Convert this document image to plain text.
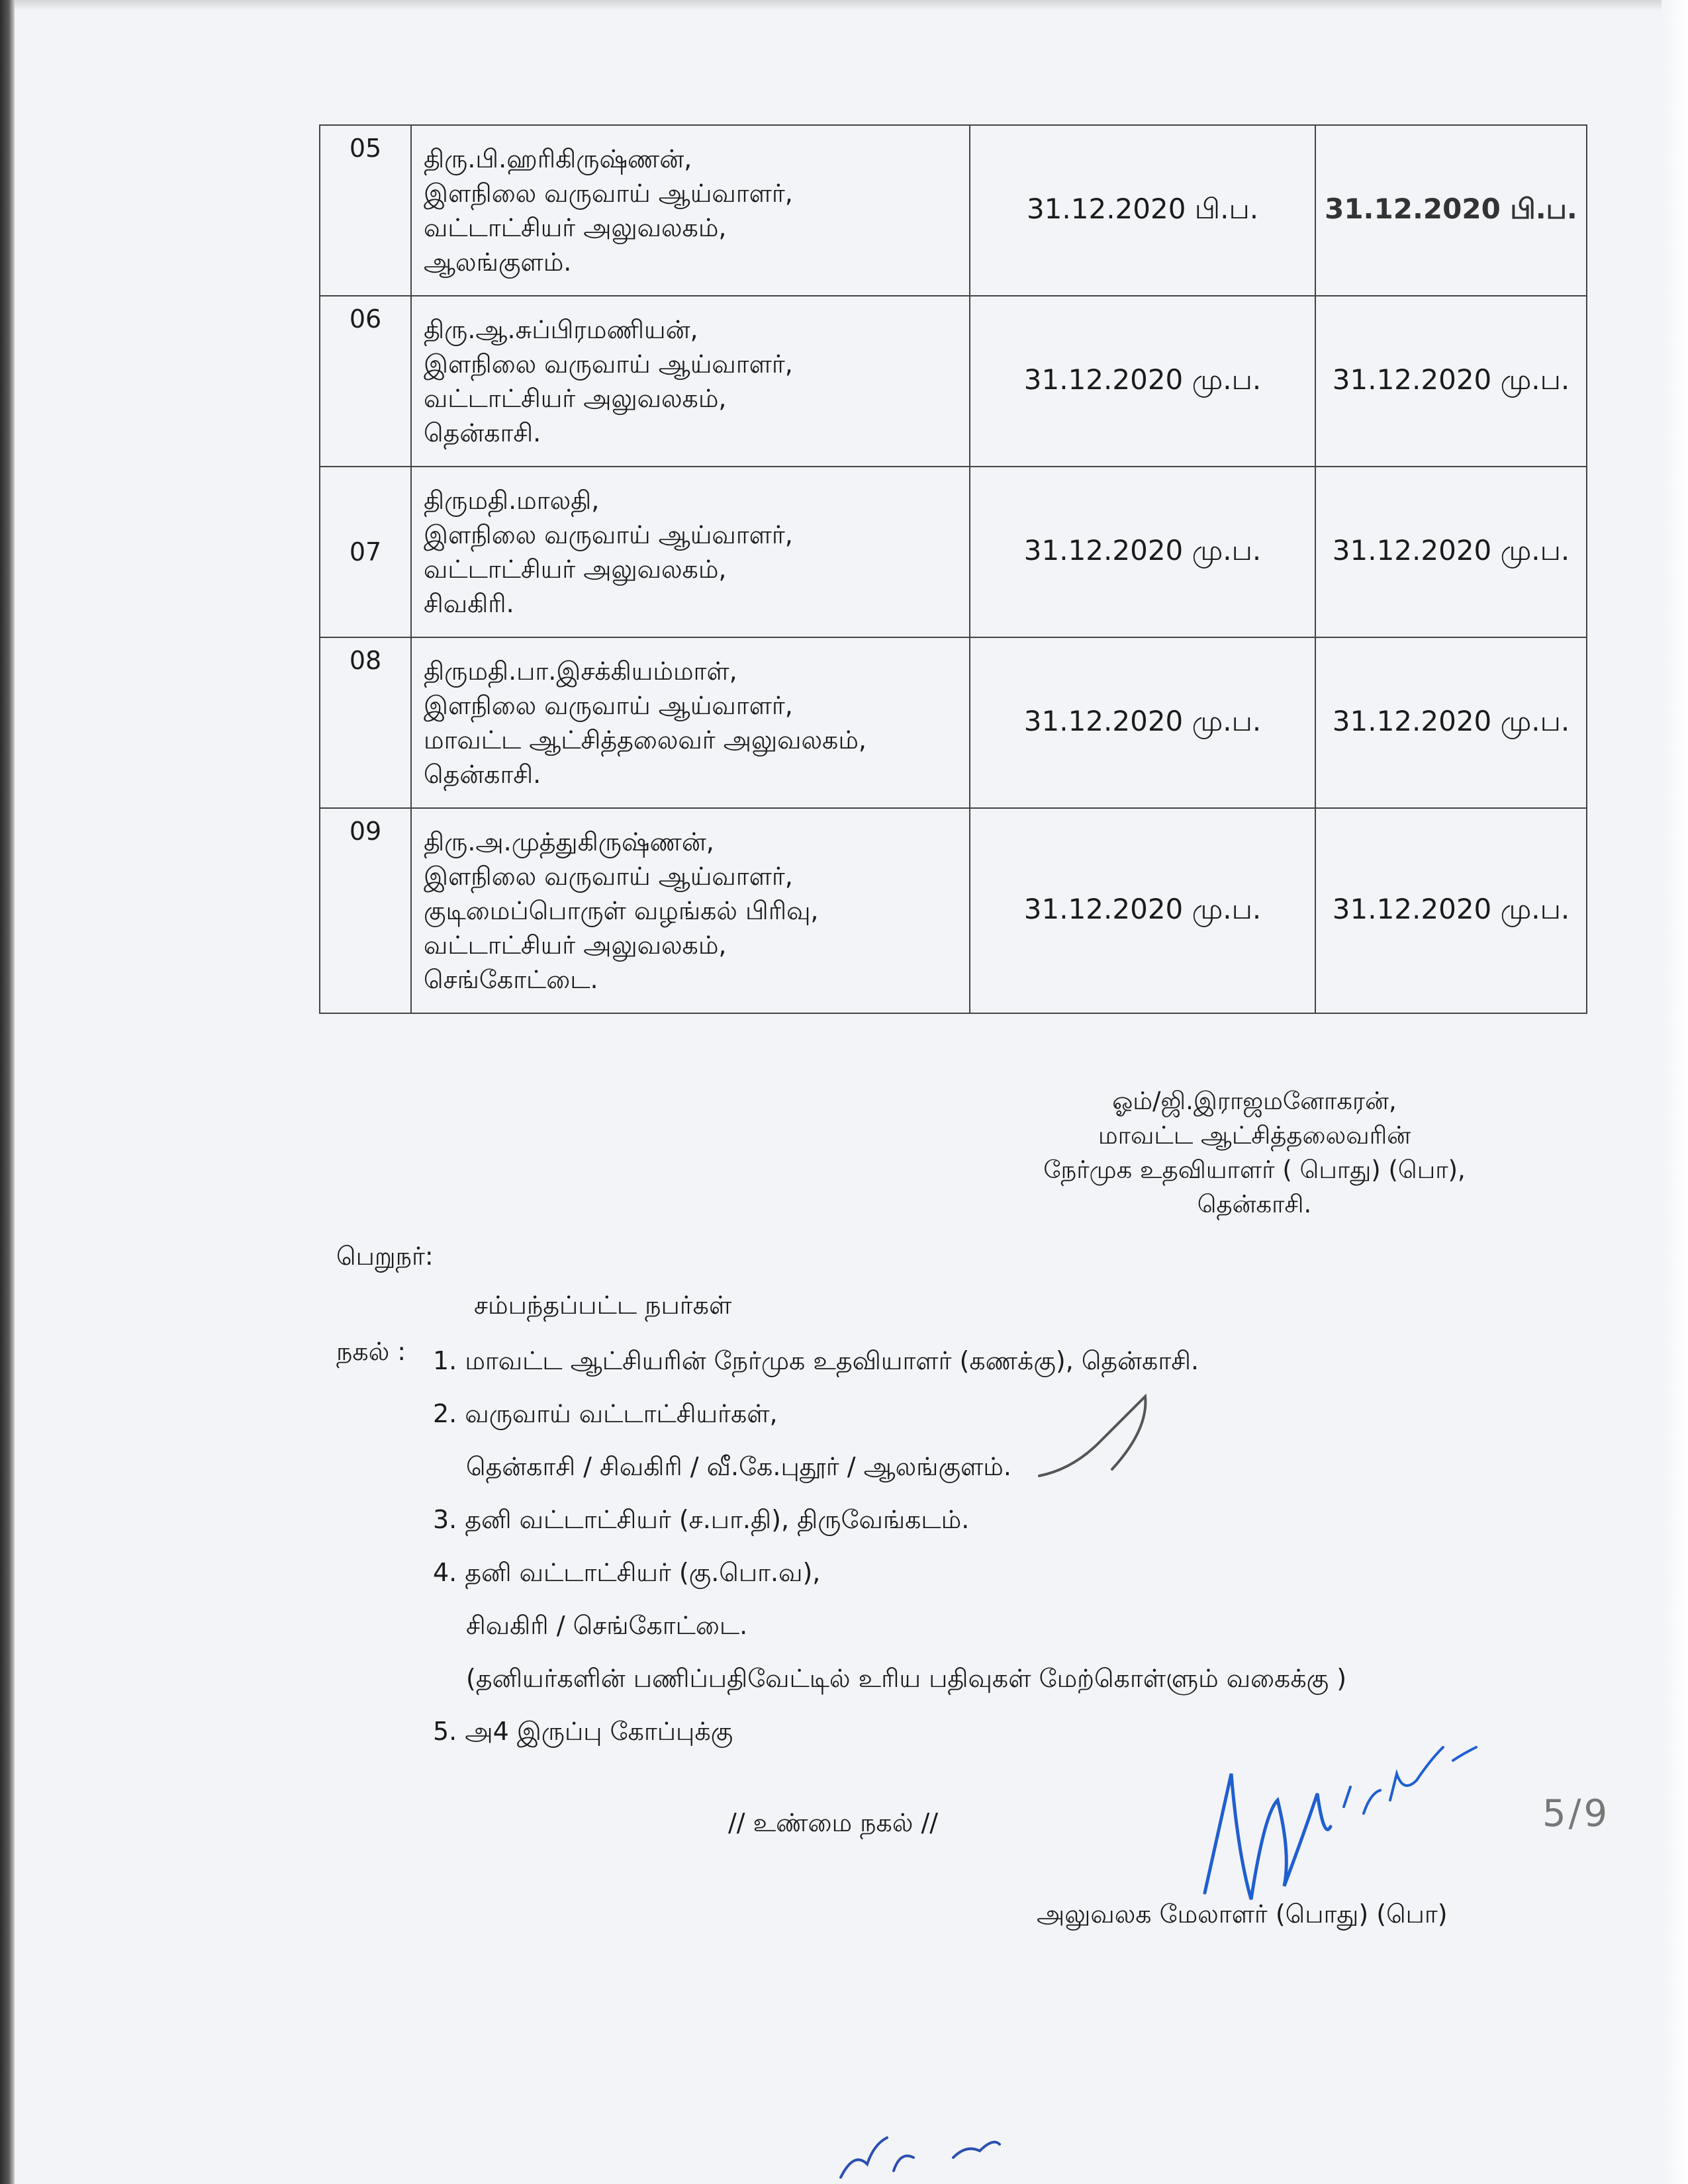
05	திரு.பி.ஹரிகிருஷ்ணன்,
இளநிலை வருவாய் ஆய்வாளர்,
வட்டாட்சியர் அலுவலகம்,
ஆலங்குளம்.	31.12.2020 பி.ப.	31.12.2020 பி.ப.

06	திரு.ஆ.சுப்பிரமணியன்,
இளநிலை வருவாய் ஆய்வாளர்,
வட்டாட்சியர் அலுவலகம்,
தென்காசி.	31.12.2020 மு.ப.	31.12.2020 மு.ப.

07	திருமதி.மாலதி,
இளநிலை வருவாய் ஆய்வாளர்,
வட்டாட்சியர் அலுவலகம்,
சிவகிரி.	31.12.2020 மு.ப.	31.12.2020 மு.ப.

08	திருமதி.பா.இசக்கியம்மாள்,
இளநிலை வருவாய் ஆய்வாளர்,
மாவட்ட ஆட்சித்தலைவர் அலுவலகம்,
தென்காசி.	31.12.2020 மு.ப.	31.12.2020 மு.ப.

09	திரு.அ.முத்துகிருஷ்ணன்,
இளநிலை வருவாய் ஆய்வாளர்,
குடிமைப்பொருள் வழங்கல் பிரிவு,
வட்டாட்சியர் அலுவலகம்,
செங்கோட்டை.	31.12.2020 மு.ப.	31.12.2020 மு.ப.
ஓம்/ஜி.இராஜமனோகரன்,
மாவட்ட ஆட்சித்தலைவரின்
நேர்முக உதவியாளர் ( பொது) (பொ),
தென்காசி.
பெறுநர்:
சம்பந்தப்பட்ட நபர்கள்
நகல் : 1. மாவட்ட ஆட்சியரின் நேர்முக உதவியாளர் (கணக்கு), தென்காசி.
2. வருவாய் வட்டாட்சியர்கள்,
தென்காசி / சிவகிரி / வீ.கே.புதூர் / ஆலங்குளம்.
3. தனி வட்டாட்சியர் (ச.பா.தி), திருவேங்கடம்.
4. தனி வட்டாட்சியர் (கு.பொ.வ),
சிவகிரி / செங்கோட்டை.
(தனியர்களின் பணிப்பதிவேட்டில் உரிய பதிவுகள் மேற்கொள்ளும் வகைக்கு )
5. அ4 இருப்பு கோப்புக்கு
// உண்மை நகல் //	5/9
அலுவலக மேலாளர் (பொது) (பொ)
